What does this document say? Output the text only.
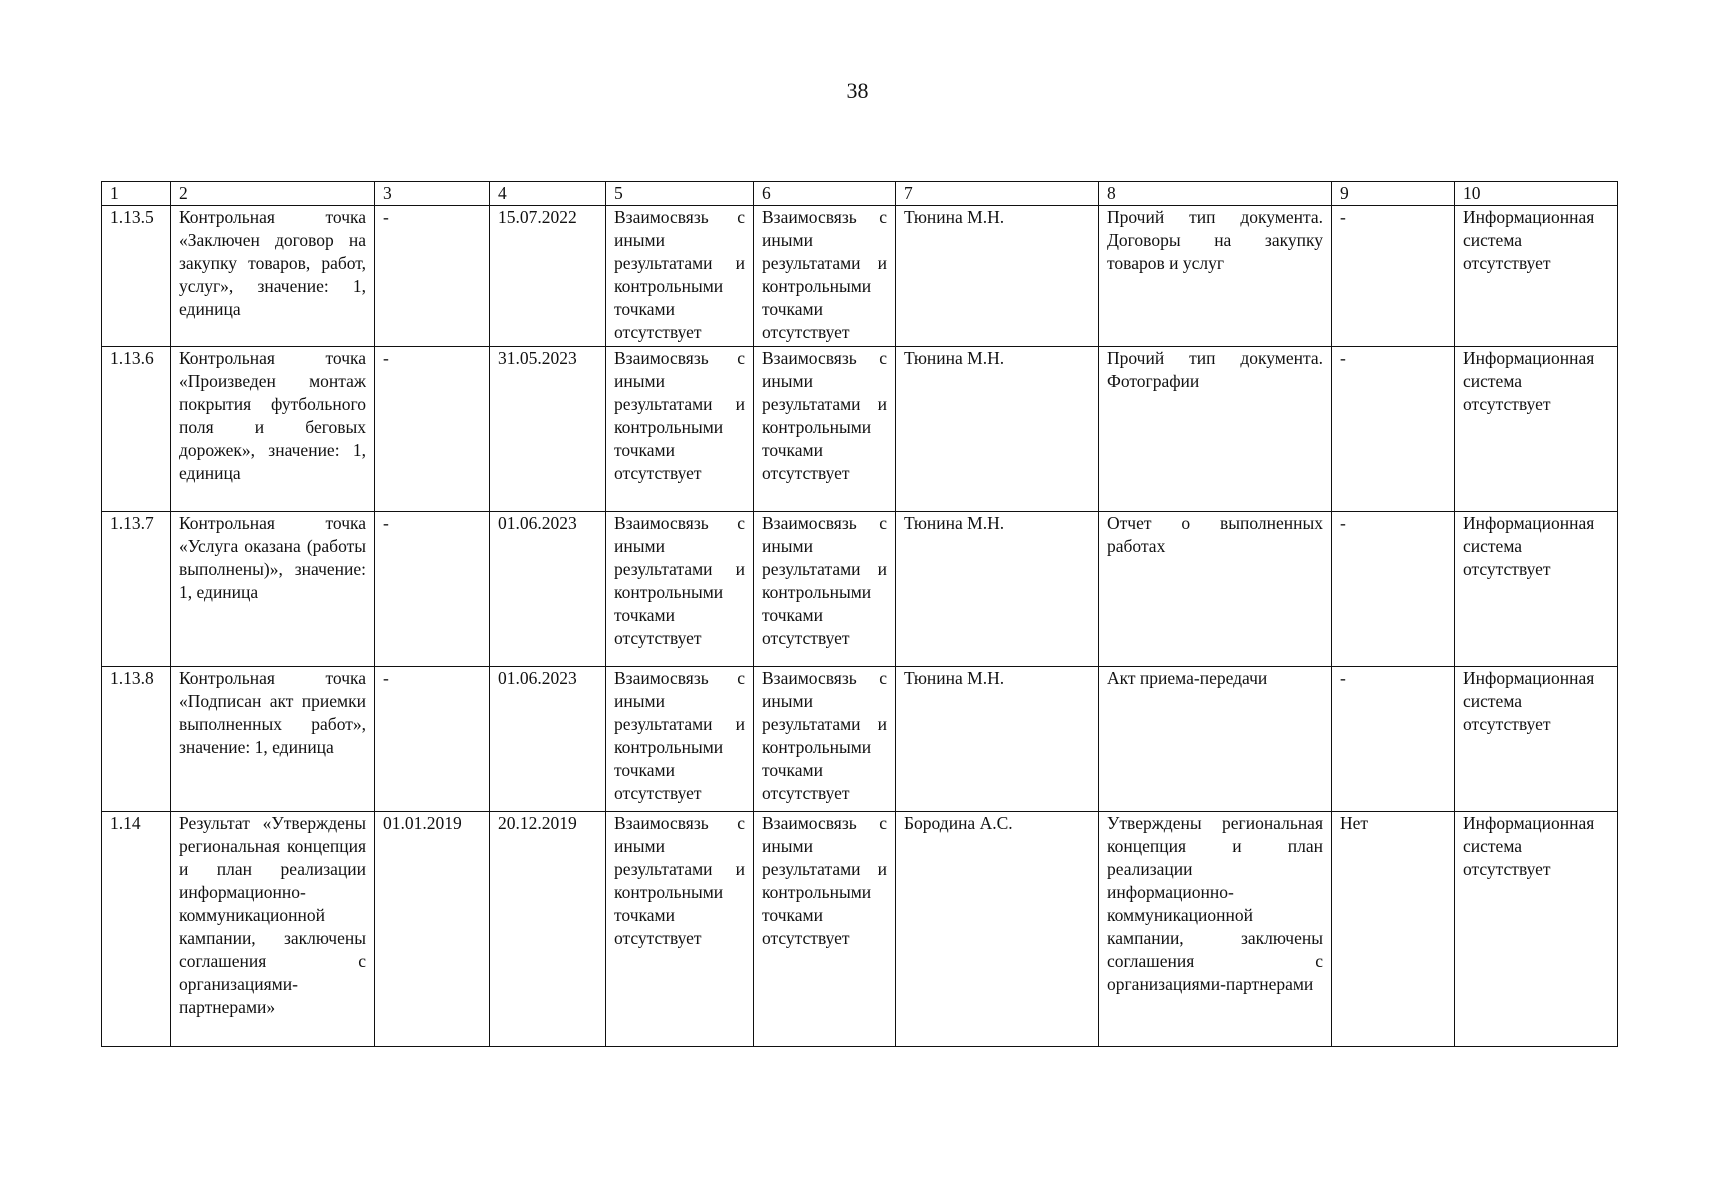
38
1	2	3	4	5	6	7	8	9	10
1.13.5	Контрольная точка «Заключен договор на закупку товаров, работ, услуг», значение: 1, единица	-	15.07.2022	Взаимосвязь с иными результатами и контрольными точками отсутствует	Взаимосвязь с иными результатами и контрольными точками отсутствует	Тюнина М.Н.	Прочий тип документа. Договоры на закупку товаров и услуг	-	Информационная система отсутствует
1.13.6	Контрольная точка «Произведен монтаж покрытия футбольного поля и беговых дорожек», значение: 1, единица	-	31.05.2023	Взаимосвязь с иными результатами и контрольными точками отсутствует	Взаимосвязь с иными результатами и контрольными точками отсутствует	Тюнина М.Н.	Прочий тип документа. Фотографии	-	Информационная система отсутствует
1.13.7	Контрольная точка «Услуга оказана (работы выполнены)», значение: 1, единица	-	01.06.2023	Взаимосвязь с иными результатами и контрольными точками отсутствует	Взаимосвязь с иными результатами и контрольными точками отсутствует	Тюнина М.Н.	Отчет о выполненных работах	-	Информационная система отсутствует
1.13.8	Контрольная точка «Подписан акт приемки выполненных работ», значение: 1, единица	-	01.06.2023	Взаимосвязь с иными результатами и контрольными точками отсутствует	Взаимосвязь с иными результатами и контрольными точками отсутствует	Тюнина М.Н.	Акт приема-передачи	-	Информационная система отсутствует
1.14	Результат «Утверждены региональная концепция и план реализации информационно-коммуникационной кампании, заключены соглашения с организациями-партнерами»	01.01.2019	20.12.2019	Взаимосвязь с иными результатами и контрольными точками отсутствует	Взаимосвязь с иными результатами и контрольными точками отсутствует	Бородина А.С.	Утверждены региональная концепция и план реализации информационно-коммуникационной кампании, заключены соглашения с организациями-партнерами	Нет	Информационная система отсутствует
